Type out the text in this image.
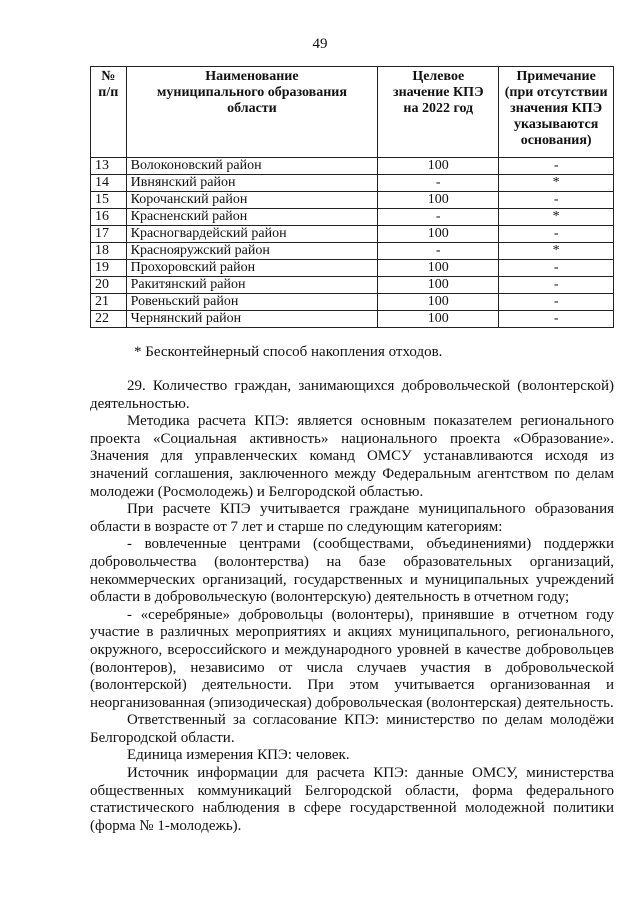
49
№ п/п	Наименование муниципального образования области	Целевое значение КПЭ на 2022 год	Примечание (при отсутствии значения КПЭ указываются основания)
13	Волоконовский район	100	-
14	Ивнянский район	-	*
15	Корочанский район	100	-
16	Красненский район	-	*
17	Красногвардейский район	100	-
18	Краснояружский район	-	*
19	Прохоровский район	100	-
20	Ракитянский район	100	-
21	Ровеньский район	100	-
22	Чернянский район	100	-
* Бесконтейнерный способ накопления отходов.

29. Количество граждан, занимающихся добровольческой (волонтерской) деятельностью.

Методика расчета КПЭ: является основным показателем регионального проекта «Социальная активность» национального проекта «Образование». Значения для управленческих команд ОМСУ устанавливаются исходя из значений соглашения, заключенного между Федеральным агентством по делам молодежи (Росмолодежь) и Белгородской областью.

При расчете КПЭ учитывается граждане муниципального образования области в возрасте от 7 лет и старше по следующим категориям:

- вовлеченные центрами (сообществами, объединениями) поддержки добровольчества (волонтерства) на базе образовательных организаций, некоммерческих организаций, государственных и муниципальных учреждений области в добровольческую (волонтерскую) деятельность в отчетном году;

- «серебряные» добровольцы (волонтеры), принявшие в отчетном году участие в различных мероприятиях и акциях муниципального, регионального, окружного, всероссийского и международного уровней в качестве добровольцев (волонтеров), независимо от числа случаев участия в добровольческой (волонтерской) деятельности. При этом учитывается организованная и неорганизованная (эпизодическая) добровольческая (волонтерская) деятельность.

Ответственный за согласование КПЭ: министерство по делам молодёжи Белгородской области.

Единица измерения КПЭ: человек.

Источник информации для расчета КПЭ: данные ОМСУ, министерства общественных коммуникаций Белгородской области, форма федерального статистического наблюдения в сфере государственной молодежной политики (форма № 1-молодежь).
